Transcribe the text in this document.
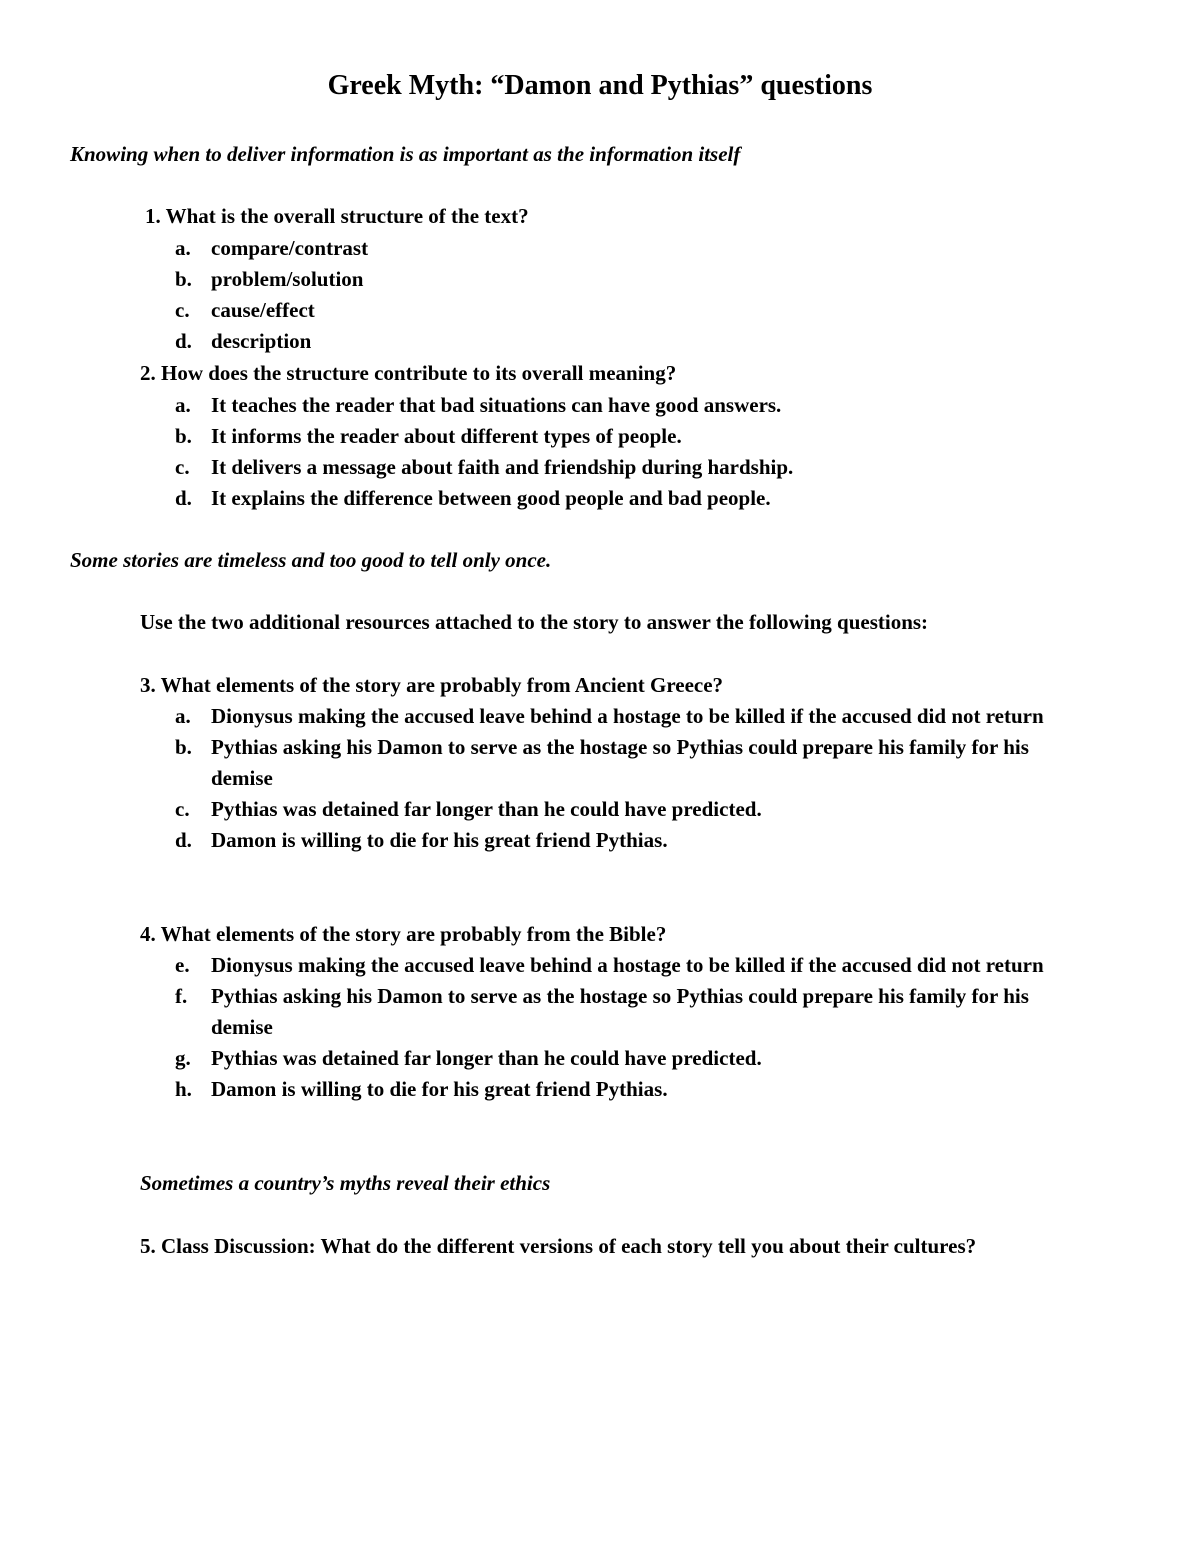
Greek Myth: “Damon and Pythias” questions

Knowing when to deliver information is as important as the information itself

1. What is the overall structure of the text?

a. compare/contrast
b. problem/solution
c. cause/effect
d. description

2. How does the structure contribute to its overall meaning?

a. It teaches the reader that bad situations can have good answers.
b. It informs the reader about different types of people.
c. It delivers a message about faith and friendship during hardship.
d. It explains the difference between good people and bad people.

Some stories are timeless and too good to tell only once.

Use the two additional resources attached to the story to answer the following questions:

3. What elements of the story are probably from Ancient Greece?

a. Dionysus making the accused leave behind a hostage to be killed if the accused did not return
b. Pythias asking his Damon to serve as the hostage so Pythias could prepare his family for his demise
c. Pythias was detained far longer than he could have predicted.
d. Damon is willing to die for his great friend Pythias.

4. What elements of the story are probably from the Bible?

e. Dionysus making the accused leave behind a hostage to be killed if the accused did not return
f. Pythias asking his Damon to serve as the hostage so Pythias could prepare his family for his demise
g. Pythias was detained far longer than he could have predicted.
h. Damon is willing to die for his great friend Pythias.

Sometimes a country’s myths reveal their ethics

5. Class Discussion: What do the different versions of each story tell you about their cultures?
